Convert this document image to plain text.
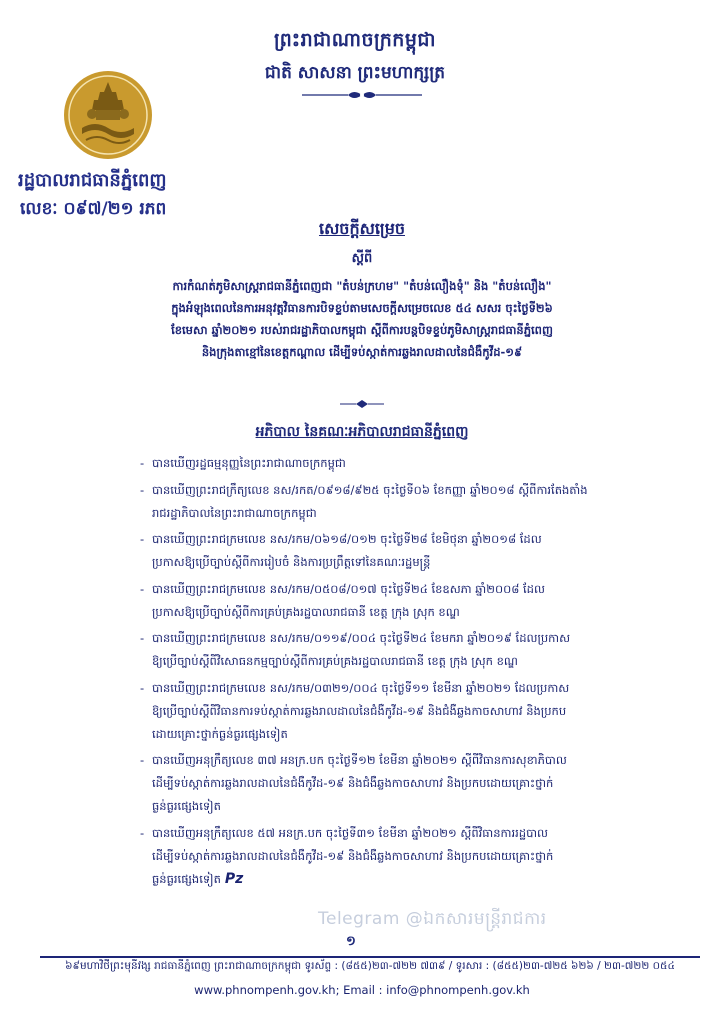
ព្រះរាជាណាចក្រកម្ពុជា
ជាតិ សាសនា ព្រះមហាក្សត្រ
រដ្ឋបាលរាជធានីភ្នំពេញ
លេខៈ ០៩៧/២១ រភព
សេចក្ដីសម្រេច
ស្ដីពី
ការកំណត់ភូមិសាស្ត្ររាជធានីភ្នំពេញជា "តំបន់ក្រហម" "តំបន់លឿងទុំ" និង "តំបន់លឿង"
ក្នុងអំឡុងពេលនៃការអនុវត្តវិធានការបិទខ្ទប់តាមសេចក្ដីសម្រេចលេខ ៥៤ សសរ ចុះថ្ងៃទី២៦
ខែមេសា ឆ្នាំ២០២១ របស់រាជរដ្ឋាភិបាលកម្ពុជា ស្ដីពីការបន្តបិទខ្ទប់ភូមិសាស្ត្ររាជធានីភ្នំពេញ
និងក្រុងតាខ្មៅនៃខេត្តកណ្ដាល ដើម្បីទប់ស្កាត់ការឆ្លងរាលដាលនៃជំងឺកូវីដ-១៩
អភិបាល នៃគណៈអភិបាលរាជធានីភ្នំពេញ
- បានឃើញរដ្ឋធម្មនុញ្ញនៃព្រះរាជាណាចក្រកម្ពុជា
- បានឃើញព្រះរាជក្រឹត្យលេខ នស/រកត/០៩១៨/៩២៥ ចុះថ្ងៃទី០៦ ខែកញ្ញា ឆ្នាំ២០១៨ ស្ដីពីការតែងតាំង
រាជរដ្ឋាភិបាលនៃព្រះរាជាណាចក្រកម្ពុជា
- បានឃើញព្រះរាជក្រមលេខ នស/រកម/០៦១៨/០១២ ចុះថ្ងៃទី២៨ ខែមិថុនា ឆ្នាំ២០១៨ ដែល
ប្រកាសឱ្យប្រើច្បាប់ស្ដីពីការរៀបចំ និងការប្រព្រឹត្តទៅនៃគណៈរដ្ឋមន្ត្រី
- បានឃើញព្រះរាជក្រមលេខ នស/រកម/០៥០៨/០១៧ ចុះថ្ងៃទី២៤ ខែឧសភា ឆ្នាំ២០០៨ ដែល
ប្រកាសឱ្យប្រើច្បាប់ស្ដីពីការគ្រប់គ្រងរដ្ឋបាលរាជធានី ខេត្ត ក្រុង ស្រុក ខណ្ឌ
- បានឃើញព្រះរាជក្រមលេខ នស/រកម/០១១៩/០០៤ ចុះថ្ងៃទី២៤ ខែមករា ឆ្នាំ២០១៩ ដែលប្រកាស
ឱ្យប្រើច្បាប់ស្ដីពីវិសោធនកម្មច្បាប់ស្ដីពីការគ្រប់គ្រងរដ្ឋបាលរាជធានី ខេត្ត ក្រុង ស្រុក ខណ្ឌ
- បានឃើញព្រះរាជក្រមលេខ នស/រកម/០៣២១/០០៤ ចុះថ្ងៃទី១១ ខែមីនា ឆ្នាំ២០២១ ដែលប្រកាស
ឱ្យប្រើច្បាប់ស្ដីពីវិធានការទប់ស្កាត់ការឆ្លងរាលដាលនៃជំងឺកូវីដ-១៩ និងជំងឺឆ្លងកាចសាហាវ និងប្រកប
ដោយគ្រោះថ្នាក់ធ្ងន់ធ្ងរផ្សេងទៀត
- បានឃើញអនុក្រឹត្យលេខ ៣៧ អនក្រ.បក ចុះថ្ងៃទី១២ ខែមីនា ឆ្នាំ២០២១ ស្ដីពីវិធានការសុខាភិបាល
ដើម្បីទប់ស្កាត់ការឆ្លងរាលដាលនៃជំងឺកូវីដ-១៩ និងជំងឺឆ្លងកាចសាហាវ និងប្រកបដោយគ្រោះថ្នាក់
ធ្ងន់ធ្ងរផ្សេងទៀត
- បានឃើញអនុក្រឹត្យលេខ ៥៧ អនក្រ.បក ចុះថ្ងៃទី៣១ ខែមីនា ឆ្នាំ២០២១ ស្ដីពីវិធានការរដ្ឋបាល
ដើម្បីទប់ស្កាត់ការឆ្លងរាលដាលនៃជំងឺកូវីដ-១៩ និងជំងឺឆ្លងកាចសាហាវ និងប្រកបដោយគ្រោះថ្នាក់
ធ្ងន់ធ្ងរផ្សេងទៀត Pz
Telegram @ឯកសារមន្ត្រីរាជការ
១
៦៩មហាវិថីព្រះមុនីវង្ស រាជធានីភ្នំពេញ ព្រះរាជាណាចក្រកម្ពុជា ទូរស័ព្ទ : (៨៥៥)២៣-៧២២ ៧៣៩ / ទូរសារ : (៨៥៥)២៣-៧២៥ ៦២៦ / ២៣-៧២២ ០៥៤
www.phnompenh.gov.kh; Email : info@phnompenh.gov.kh
